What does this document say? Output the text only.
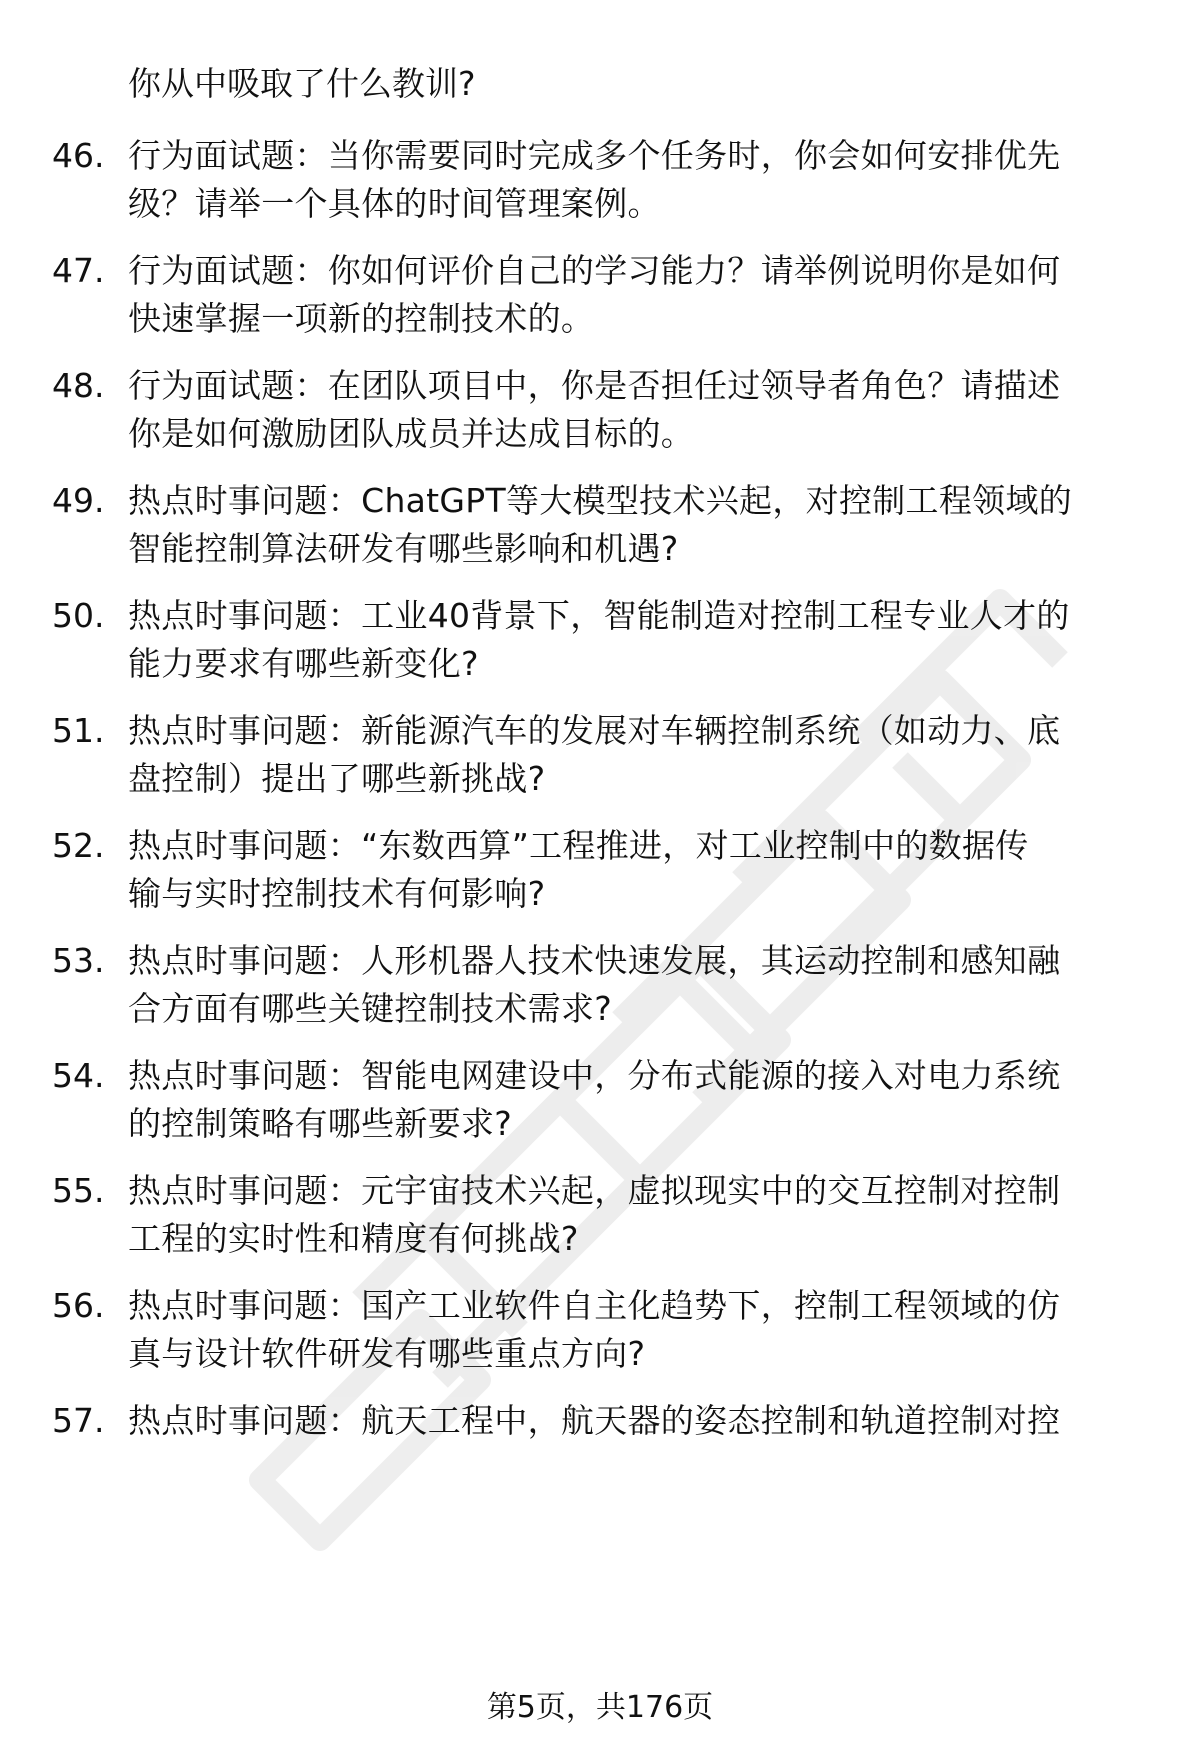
你从中吸取了什么教训?
46. 行为面试题：当你需要同时完成多个任务时，你会如何安排优先
级？请举一个具体的时间管理案例。
47. 行为面试题：你如何评价自己的学习能力？请举例说明你是如何
快速掌握一项新的控制技术的。
48. 行为面试题：在团队项目中，你是否担任过领导者角色？请描述
你是如何激励团队成员并达成目标的。
49. 热点时事问题：ChatGPT等大模型技术兴起，对控制工程领域的
智能控制算法研发有哪些影响和机遇?
50. 热点时事问题：工业40背景下，智能制造对控制工程专业人才的
能力要求有哪些新变化?
51. 热点时事问题：新能源汽车的发展对车辆控制系统（如动力、底
盘控制）提出了哪些新挑战?
52. 热点时事问题：“东数西算”工程推进，对工业控制中的数据传
输与实时控制技术有何影响?
53. 热点时事问题：人形机器人技术快速发展，其运动控制和感知融
合方面有哪些关键控制技术需求?
54. 热点时事问题：智能电网建设中，分布式能源的接入对电力系统
的控制策略有哪些新要求?
55. 热点时事问题：元宇宙技术兴起，虚拟现实中的交互控制对控制
工程的实时性和精度有何挑战?
56. 热点时事问题：国产工业软件自主化趋势下，控制工程领域的仿
真与设计软件研发有哪些重点方向?
57. 热点时事问题：航天工程中，航天器的姿态控制和轨道控制对控
第5页，共176页
